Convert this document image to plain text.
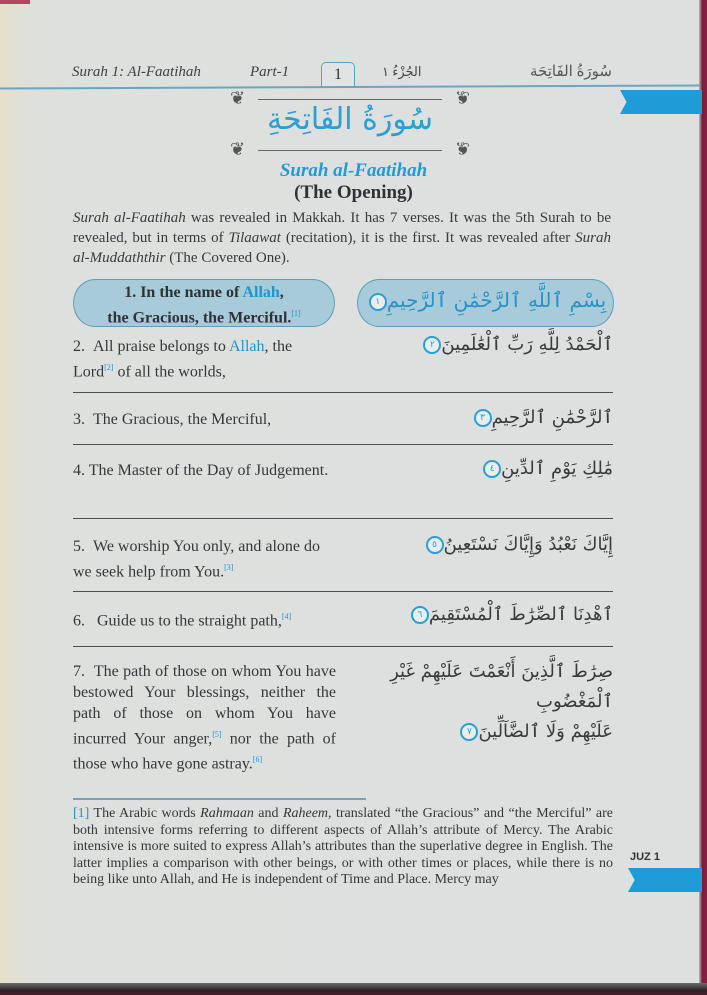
Surah 1: Al-Faatihah	Part-1	1	الجُزْءُ ١	سُورَةُ الفَاتِحَة
❦	❦
❦	❦
سُورَةُ الفَاتِحَةِ
Surah al-Faatihah
(The Opening)

Surah al-Faatihah was revealed in Makkah. It has 7 verses. It was the 5th Surah to be revealed, but in terms of Tilaawat (recitation), it is the first. It was revealed after Surah al-Muddaththir (The Covered One).

1. In the name of Allah,
the Gracious, the Merciful.[1]
بِسْمِ ٱللَّهِ ٱلرَّحْمَٰنِ ٱلرَّحِيمِ١
2. All praise belongs to Allah, the
Lord[2] of all the worlds,
ٱلْحَمْدُ لِلَّهِ رَبِّ ٱلْعَٰلَمِينَ٢
3. The Gracious, the Merciful,	ٱلرَّحْمَٰنِ ٱلرَّحِيمِ٣
4. The Master of the Day of Judgement.	مَٰلِكِ يَوْمِ ٱلدِّينِ٤
5. We worship You only, and alone do we seek help from You.[3]
إِيَّاكَ نَعْبُدُ وَإِيَّاكَ نَسْتَعِينُ٥
6. Guide us to the straight path,[4]	ٱهْدِنَا ٱلصِّرَٰطَ ٱلْمُسْتَقِيمَ٦
7. The path of those on whom You have bestowed Your blessings, neither the path of those on whom You have incurred Your anger,[5] nor the path of those who have gone astray.[6]
صِرَٰطَ ٱلَّذِينَ أَنْعَمْتَ عَلَيْهِمْ غَيْرِ ٱلْمَغْضُوبِ
عَلَيْهِمْ وَلَا ٱلضَّآلِّينَ٧

[1] The Arabic words Rahmaan and Raheem, translated “the Gracious” and “the Merciful” are both intensive forms referring to different aspects of Allah’s attribute of Mercy. The Arabic intensive is more suited to express Allah’s attributes than the superlative degree in English. The latter implies a comparison with other beings, or with other times or places, while there is no being like unto Allah, and He is independent of Time and Place. Mercy may

JUZ 1
